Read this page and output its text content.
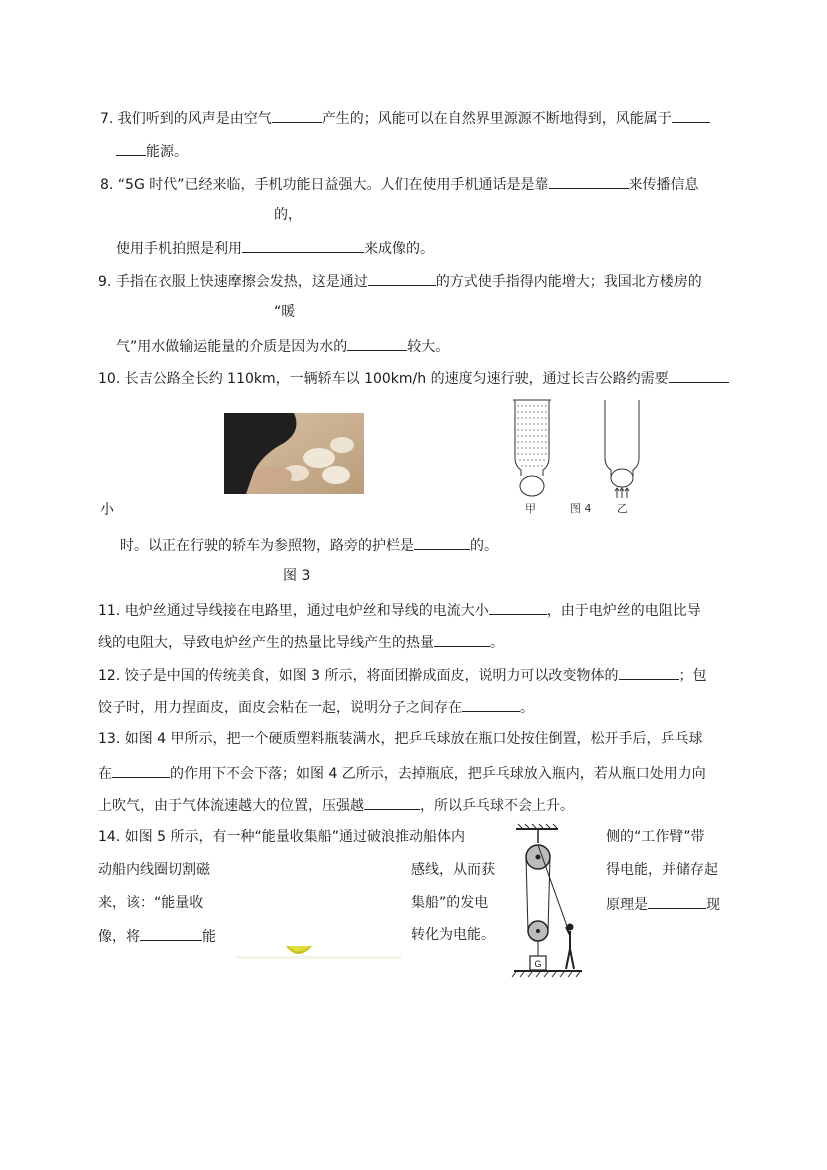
7. 我们听到的风声是由空气	产生的；风能可以在自然界里源源不断地得到，风能属于
能源。
8. “5G 时代”已经来临，手机功能日益强大。人们在使用手机通话是是靠	来传播信息
的，
使用手机拍照是利用	来成像的。
9. 手指在衣服上快速摩擦会发热，这是通过	的方式使手指得内能增大；我国北方楼房的
“暖
气”用水做输运能量的介质是因为水的	较大。
10. 长吉公路全长约 110km，一辆轿车以 100km/h 的速度匀速行驶，通过长吉公路约需要
甲	图 4 乙
小
时。以正在行驶的轿车为参照物，路旁的护栏是	的。
图 3
11. 电炉丝通过导线接在电路里，通过电炉丝和导线的电流大小	，由于电炉丝的电阻比导
线的电阻大，导致电炉丝产生的热量比导线产生的热量	。
12. 饺子是中国的传统美食，如图 3 所示，将面团擀成面皮，说明力可以改变物体的	；包
饺子时，用力捏面皮，面皮会粘在一起，说明分子之间存在	。
13. 如图 4 甲所示，把一个硬质塑料瓶装满水，把乒乓球放在瓶口处按住倒置，松开手后，乒乓球
在	的作用下不会下落；如图 4 乙所示，去掉瓶底，把乒乓球放入瓶内，若从瓶口处用力向
上吹气，由于气体流速越大的位置，压强越	，所以乒乓球不会上升。
14. 如图 5 所示，有一种“能量收集船”通过破浪推动船体内	侧的“工作臂”带
动船内线圈切割磁	感线，从而获	得电能，并储存起
来，该：“能量收	集船”的发电	原理是	现
像，将	能	转化为电能。
G
